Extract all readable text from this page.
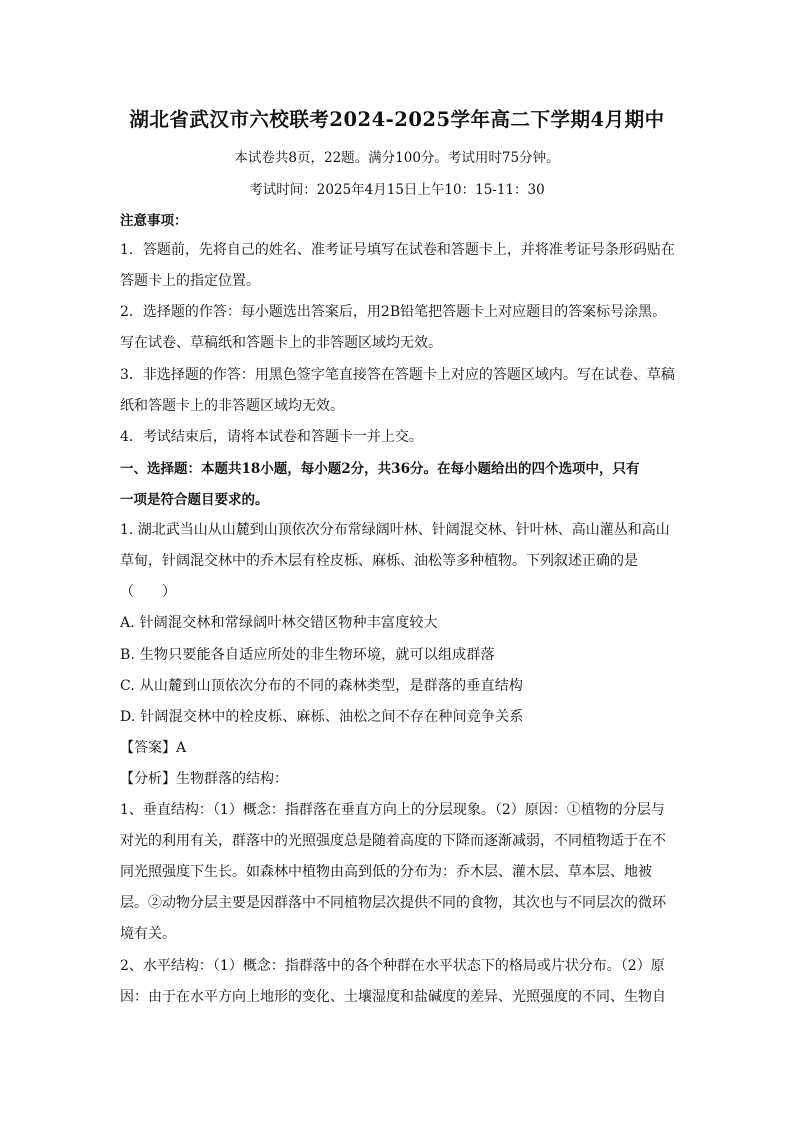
湖北省武汉市六校联考2024-2025学年高二下学期4月期中
本试卷共8页，22题。满分100分。考试用时75分钟。
考试时间：2025年4月15日上午10：15-11：30
注意事项：
1．答题前，先将自己的姓名、准考证号填写在试卷和答题卡上，并将准考证号条形码贴在
答题卡上的指定位置。
2．选择题的作答：每小题选出答案后，用2B铅笔把答题卡上对应题目的答案标号涂黑。
写在试卷、草稿纸和答题卡上的非答题区域均无效。
3．非选择题的作答：用黑色签字笔直接答在答题卡上对应的答题区域内。写在试卷、草稿
纸和答题卡上的非答题区域均无效。
4．考试结束后，请将本试卷和答题卡一并上交。
一、选择题：本题共18小题，每小题2分，共36分。在每小题给出的四个选项中，只有
一项是符合题目要求的。
1. 湖北武当山从山麓到山顶依次分布常绿阔叶林、针阔混交林、针叶林、高山灌丛和高山
草甸，针阔混交林中的乔木层有栓皮栎、麻栎、油松等多种植物。下列叙述正确的是
（　　）
A. 针阔混交林和常绿阔叶林交错区物种丰富度较大
B. 生物只要能各自适应所处的非生物环境，就可以组成群落
C. 从山麓到山顶依次分布的不同的森林类型，是群落的垂直结构
D. 针阔混交林中的栓皮栎、麻栎、油松之间不存在种间竞争关系
【答案】A
【分析】生物群落的结构：
1、垂直结构：（1）概念：指群落在垂直方向上的分层现象。（2）原因：①植物的分层与
对光的利用有关，群落中的光照强度总是随着高度的下降而逐渐减弱，不同植物适于在不
同光照强度下生长。如森林中植物由高到低的分布为：乔木层、灌木层、草本层、地被
层。②动物分层主要是因群落中不同植物层次提供不同的食物，其次也与不同层次的微环
境有关。
2、水平结构：（1）概念：指群落中的各个种群在水平状态下的格局或片状分布。（2）原
因：由于在水平方向上地形的变化、土壤湿度和盐碱度的差异、光照强度的不同、生物自
